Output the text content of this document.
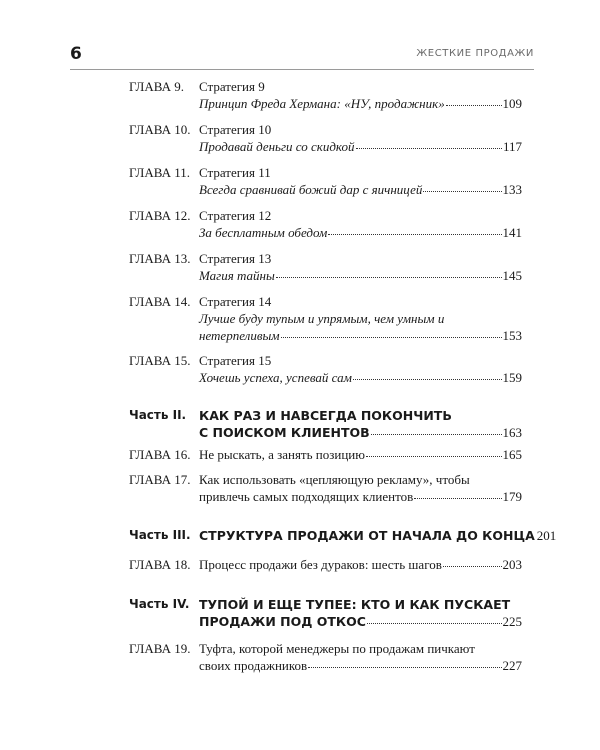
6	ЖЕСТКИЕ ПРОДАЖИ
ГЛАВА 9. Стратегия 9
Принцип Фреда Хермана: «НУ, продажник»	109
ГЛАВА 10. Стратегия 10
Продавай деньги со скидкой	117
ГЛАВА 11. Стратегия 11
Всегда сравнивай божий дар с яичницей	133
ГЛАВА 12. Стратегия 12
За бесплатным обедом	141
ГЛАВА 13. Стратегия 13
Магия тайны	145
ГЛАВА 14. Стратегия 14
Лучше буду тупым и упрямым, чем умным и
нетерпеливым	153
ГЛАВА 15. Стратегия 15
Хочешь успеха, успевай сам	159
Часть II. КАК РАЗ И НАВСЕГДА ПОКОНЧИТЬ
С ПОИСКОМ КЛИЕНТОВ	163
ГЛАВА 16. Не рыскать, а занять позицию	165
ГЛАВА 17. Как использовать «цепляющую рекламу», чтобы
привлечь самых подходящих клиентов	179
Часть III. СТРУКТУРА ПРОДАЖИ ОТ НАЧАЛА ДО КОНЦА 201
ГЛАВА 18. Процесс продажи без дураков: шесть шагов	203
Часть IV. ТУПОЙ И ЕЩЕ ТУПЕЕ: КТО И КАК ПУСКАЕТ
ПРОДАЖИ ПОД ОТКОС	225
ГЛАВА 19. Туфта, которой менеджеры по продажам пичкают
своих продажников	227
